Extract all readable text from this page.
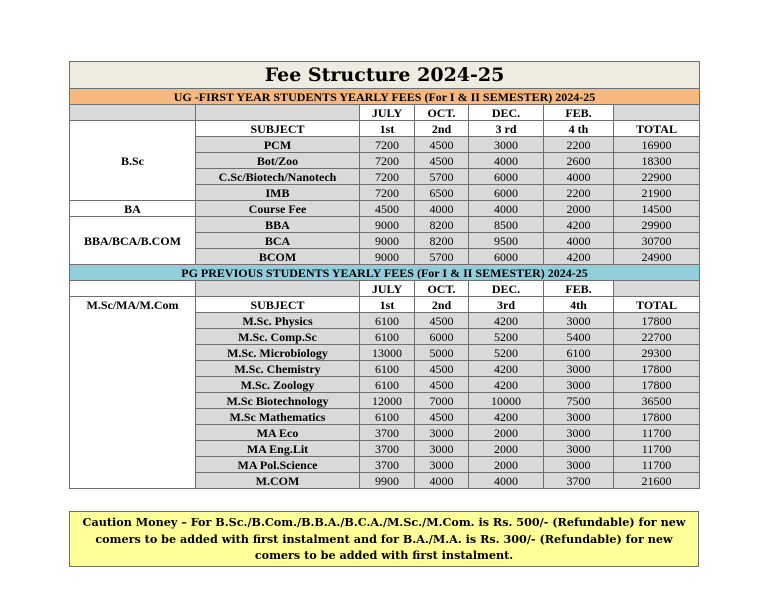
Fee Structure 2024-25						
UG -FIRST YEAR STUDENTS YEARLY FEES (For I & II SEMESTER) 2024-25						
		JULY	OCT.	DEC.	FEB.	
B.Sc	SUBJECT	1st	2nd	3 rd	4 th	TOTAL
	PCM	7200	4500	3000	2200	16900
	Bot/Zoo	7200	4500	4000	2600	18300
	C.Sc/Biotech/Nanotech	7200	5700	6000	4000	22900
	IMB	7200	6500	6000	2200	21900
BA	Course Fee	4500	4000	4000	2000	14500
BBA/BCA/B.COM	BBA	9000	8200	8500	4200	29900
	BCA	9000	8200	9500	4000	30700
	BCOM	9000	5700	6000	4200	24900
PG PREVIOUS STUDENTS YEARLY FEES (For I & II SEMESTER) 2024-25						
		JULY	OCT.	DEC.	FEB.	
M.Sc/MA/M.Com	SUBJECT	1st	2nd	3rd	4th	TOTAL
	M.Sc. Physics	6100	4500	4200	3000	17800
	M.Sc. Comp.Sc	6100	6000	5200	5400	22700
	M.Sc. Microbiology	13000	5000	5200	6100	29300
	M.Sc. Chemistry	6100	4500	4200	3000	17800
	M.Sc. Zoology	6100	4500	4200	3000	17800
	M.Sc Biotechnology	12000	7000	10000	7500	36500
	M.Sc Mathematics	6100	4500	4200	3000	17800
	MA Eco	3700	3000	2000	3000	11700
	MA Eng.Lit	3700	3000	2000	3000	11700
	MA Pol.Science	3700	3000	2000	3000	11700
	M.COM	9900	4000	4000	3700	21600
Caution Money – For B.Sc./B.Com./B.B.A./B.C.A./M.Sc./M.Com. is Rs. 500/- (Refundable) for new comers to be added with first instalment and for B.A./M.A. is Rs. 300/- (Refundable) for new comers to be added with first instalment.
